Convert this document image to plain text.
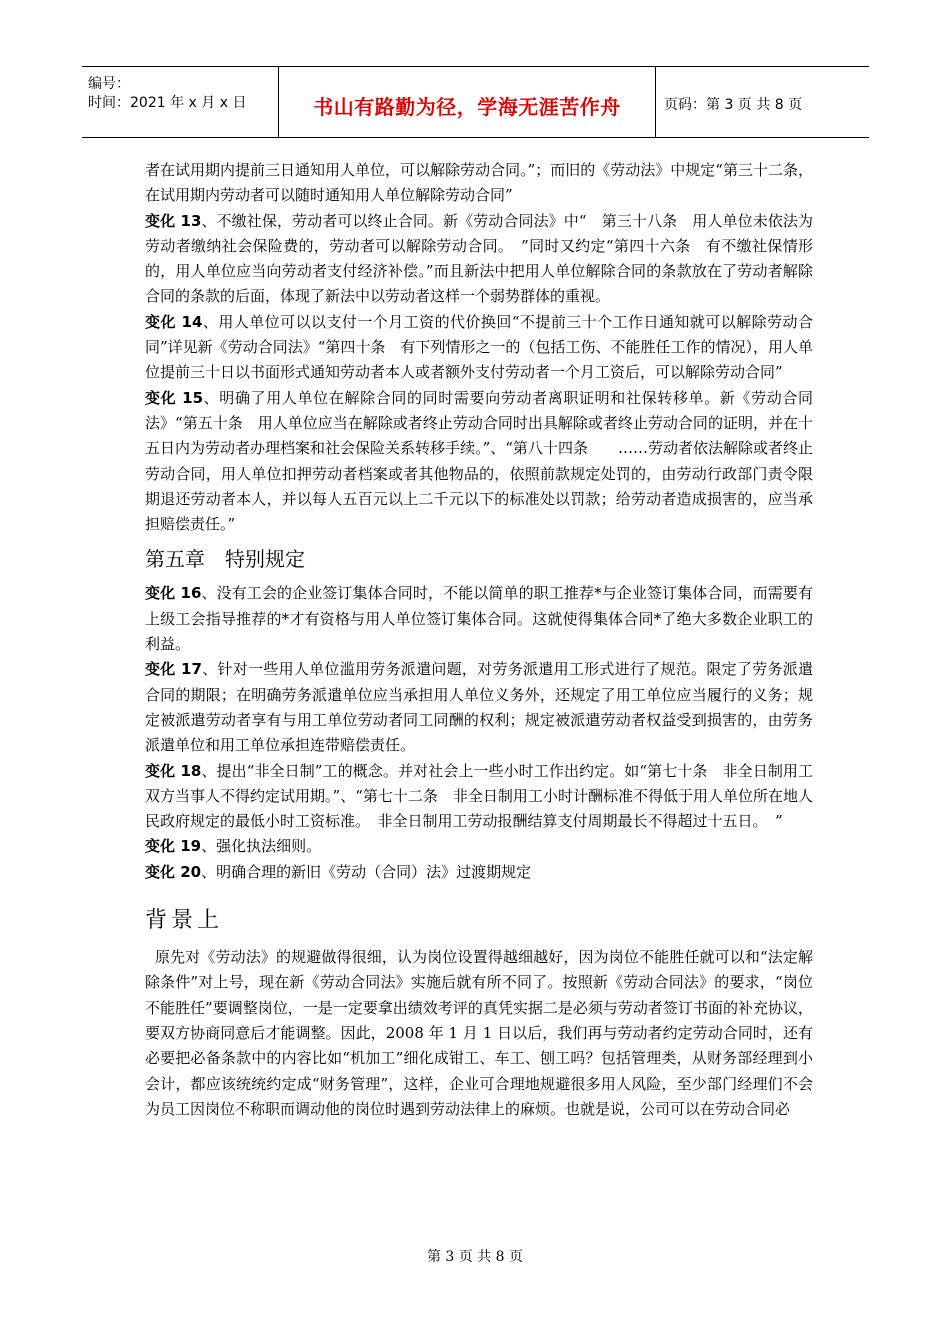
编号：
时间：2021 年 x 月 x 日	书山有路勤为径，学海无涯苦作舟	页码：第 3 页 共 8 页

者在试用期内提前三日通知用人单位，可以解除劳动合同。”；而旧的《劳动法》中规定“第三十二条，在试用期内劳动者可以随时通知用人单位解除劳动合同”

变化 13、不缴社保，劳动者可以终止合同。新《劳动合同法》中“　第三十八条　用人单位未依法为劳动者缴纳社会保险费的，劳动者可以解除劳动合同。　”同时又约定“第四十六条　有不缴社保情形的，用人单位应当向劳动者支付经济补偿。”而且新法中把用人单位解除合同的条款放在了劳动者解除合同的条款的后面，体现了新法中以劳动者这样一个弱势群体的重视。

变化 14、用人单位可以以支付一个月工资的代价换回“不提前三十个工作日通知就可以解除劳动合同”详见新《劳动合同法》“第四十条　有下列情形之一的（包括工伤、不能胜任工作的情况），用人单位提前三十日以书面形式通知劳动者本人或者额外支付劳动者一个月工资后，可以解除劳动合同”

变化 15、明确了用人单位在解除合同的同时需要向劳动者离职证明和社保转移单。新《劳动合同法》“第五十条　用人单位应当在解除或者终止劳动合同时出具解除或者终止劳动合同的证明，并在十五日内为劳动者办理档案和社会保险关系转移手续。”、“第八十四条　　……劳动者依法解除或者终止劳动合同，用人单位扣押劳动者档案或者其他物品的，依照前款规定处罚的，由劳动行政部门责令限期退还劳动者本人，并以每人五百元以上二千元以下的标准处以罚款；给劳动者造成损害的，应当承担赔偿责任。”

第五章　特别规定

变化 16、没有工会的企业签订集体合同时，不能以简单的职工推荐*与企业签订集体合同，而需要有上级工会指导推荐的*才有资格与用人单位签订集体合同。这就使得集体合同*了绝大多数企业职工的利益。

变化 17、针对一些用人单位滥用劳务派遣问题，对劳务派遣用工形式进行了规范。限定了劳务派遣合同的期限；在明确劳务派遣单位应当承担用人单位义务外，还规定了用工单位应当履行的义务；规定被派遣劳动者享有与用工单位劳动者同工同酬的权利；规定被派遣劳动者权益受到损害的，由劳务派遣单位和用工单位承担连带赔偿责任。

变化 18、提出“非全日制”工的概念。并对社会上一些小时工作出约定。如“第七十条　非全日制用工双方当事人不得约定试用期。”、“第七十二条　非全日制用工小时计酬标准不得低于用人单位所在地人民政府规定的最低小时工资标准。　非全日制用工劳动报酬结算支付周期最长不得超过十五日。　”

变化 19、强化执法细则。

变化 20、明确合理的新旧《劳动（合同）法》过渡期规定

背景上

原先对《劳动法》的规避做得很细，认为岗位设置得越细越好，因为岗位不能胜任就可以和“法定解除条件”对上号，现在新《劳动合同法》实施后就有所不同了。按照新《劳动合同法》的要求，“岗位不能胜任”要调整岗位，一是一定要拿出绩效考评的真凭实据二是必须与劳动者签订书面的补充协议，要双方协商同意后才能调整。因此，2008 年 1 月 1 日以后，我们再与劳动者约定劳动合同时，还有必要把必备条款中的内容比如“机加工”细化成钳工、车工、刨工吗？包括管理类，从财务部经理到小会计，都应该统统约定成“财务管理”，这样，企业可合理地规避很多用人风险，至少部门经理们不会为员工因岗位不称职而调动他的岗位时遇到劳动法律上的麻烦。也就是说，公司可以在劳动合同必

第 3 页 共 8 页
